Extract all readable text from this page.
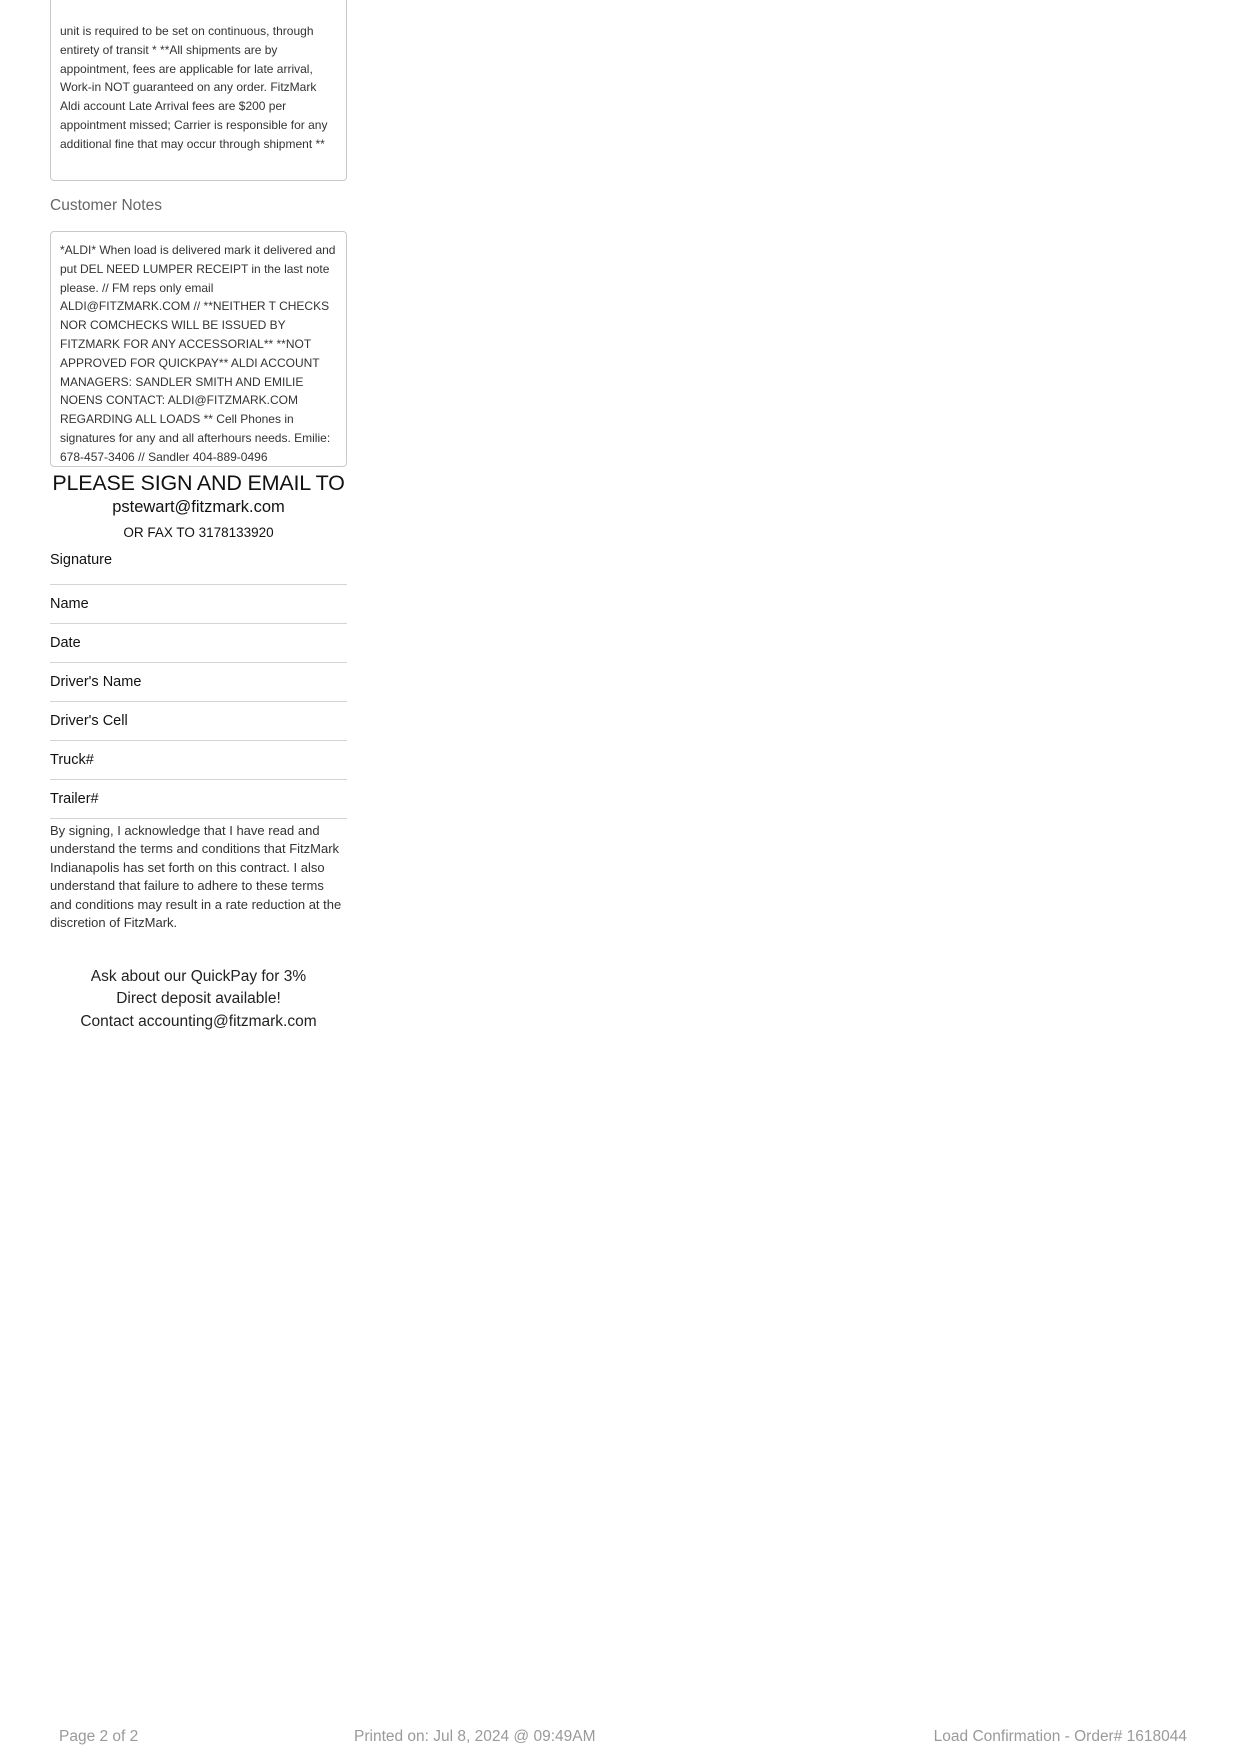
unit is required to be set on continuous, through entirety of transit * **All shipments are by appointment, fees are applicable for late arrival, Work-in NOT guaranteed on any order. FitzMark Aldi account Late Arrival fees are $200 per appointment missed; Carrier is responsible for any additional fine that may occur through shipment **
Customer Notes
*ALDI* When load is delivered mark it delivered and put DEL NEED LUMPER RECEIPT in the last note please. // FM reps only email ALDI@FITZMARK.COM // **NEITHER T CHECKS NOR COMCHECKS WILL BE ISSUED BY FITZMARK FOR ANY ACCESSORIAL** **NOT APPROVED FOR QUICKPAY** ALDI ACCOUNT MANAGERS: SANDLER SMITH AND EMILIE NOENS CONTACT: ALDI@FITZMARK.COM REGARDING ALL LOADS ** Cell Phones in signatures for any and all afterhours needs. Emilie: 678-457-3406 // Sandler 404-889-0496
PLEASE SIGN AND EMAIL TO
pstewart@fitzmark.com
OR FAX TO 3178133920
Signature
Name
Date
Driver's Name
Driver's Cell
Truck#
Trailer#
By signing, I acknowledge that I have read and understand the terms and conditions that FitzMark Indianapolis has set forth on this contract. I also understand that failure to adhere to these terms and conditions may result in a rate reduction at the discretion of FitzMark.
Ask about our QuickPay for 3%
Direct deposit available!
Contact accounting@fitzmark.com
Page 2 of 2	Printed on: Jul 8, 2024 @ 09:49AM	Load Confirmation - Order# 1618044
